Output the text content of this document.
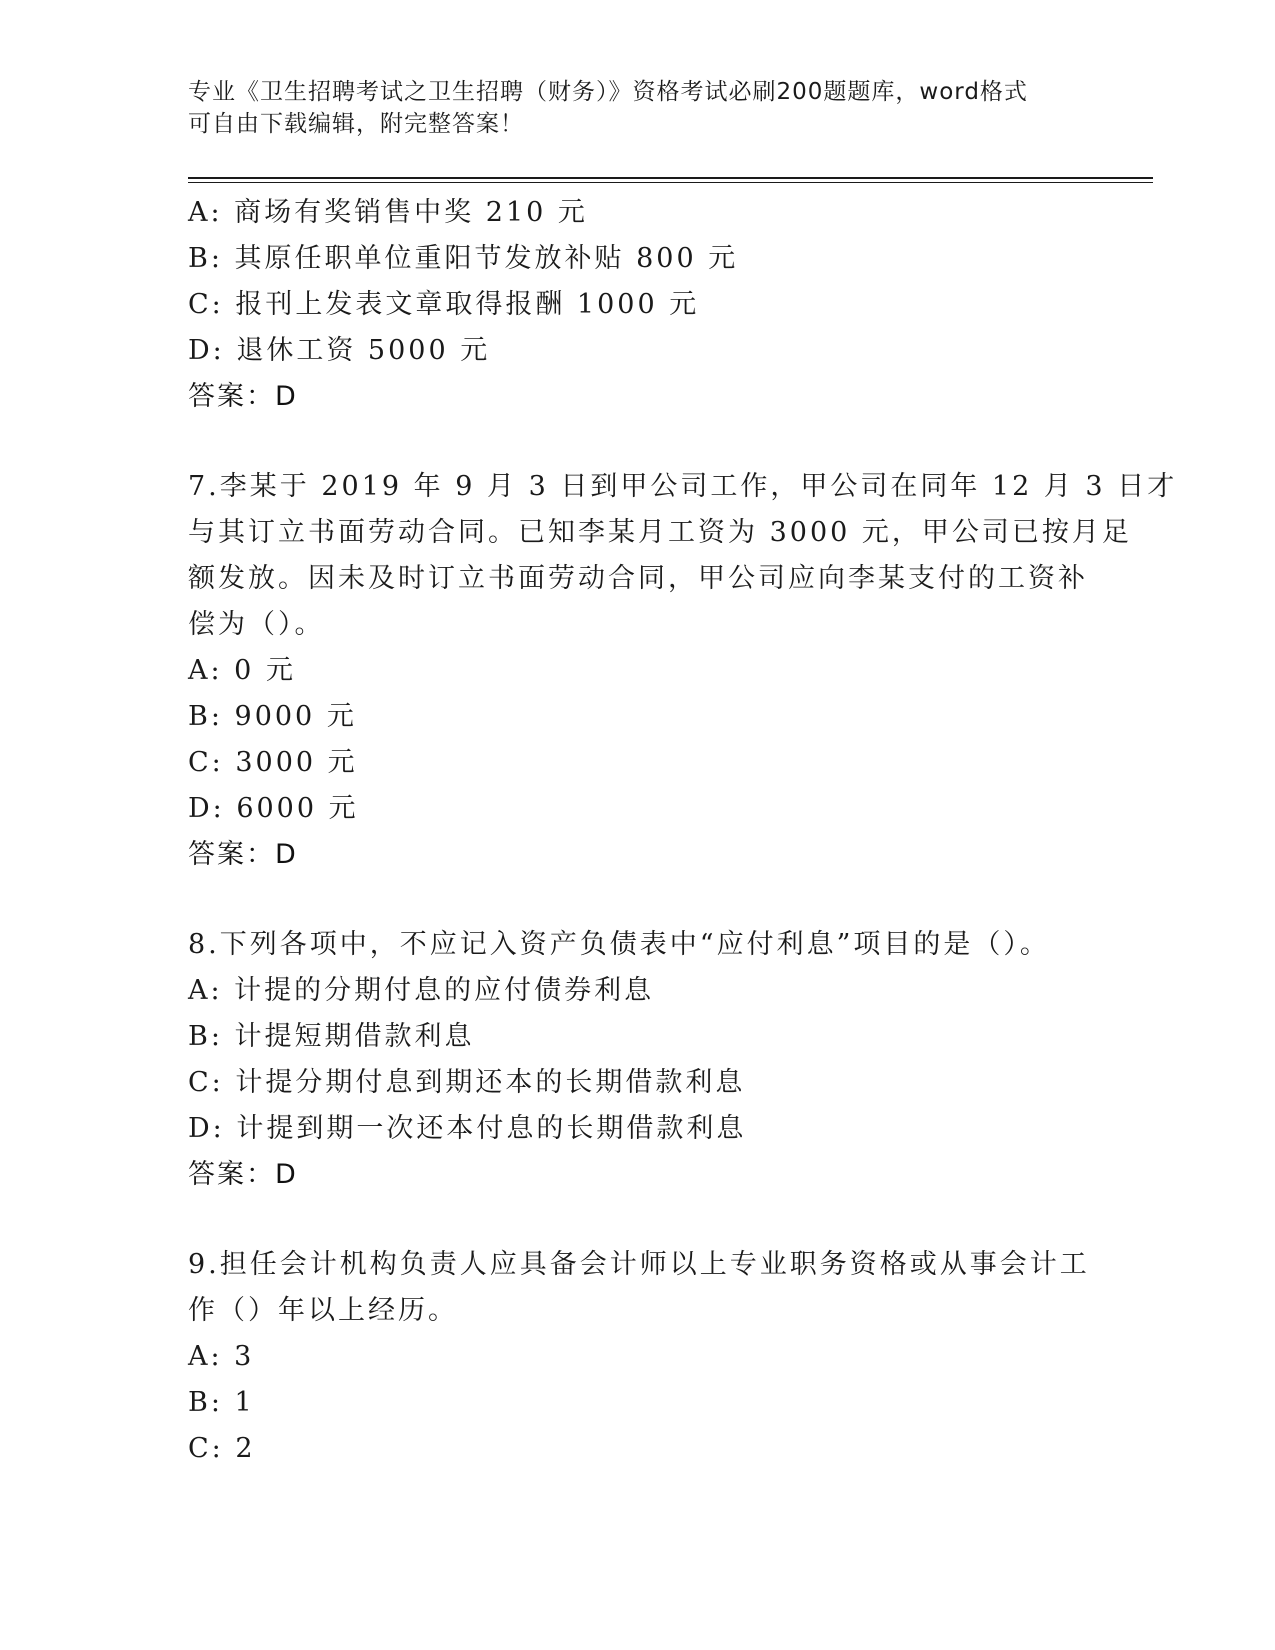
专业《卫生招聘考试之卫生招聘（财务）》资格考试必刷200题题库，word格式
可自由下载编辑，附完整答案！
A: 商场有奖销售中奖 210 元
B: 其原任职单位重阳节发放补贴 800 元
C: 报刊上发表文章取得报酬 1000 元
D: 退休工资 5000 元
答案：D
7.李某于 2019 年 9 月 3 日到甲公司工作，甲公司在同年 12 月 3 日才
与其订立书面劳动合同。已知李某月工资为 3000 元，甲公司已按月足
额发放。因未及时订立书面劳动合同，甲公司应向李某支付的工资补
偿为（）。
A: 0 元
B: 9000 元
C: 3000 元
D: 6000 元
答案：D
8.下列各项中，不应记入资产负债表中“应付利息”项目的是（）。
A: 计提的分期付息的应付债券利息
B: 计提短期借款利息
C: 计提分期付息到期还本的长期借款利息
D: 计提到期一次还本付息的长期借款利息
答案：D
9.担任会计机构负责人应具备会计师以上专业职务资格或从事会计工
作（）年以上经历。
A: 3
B: 1
C: 2
